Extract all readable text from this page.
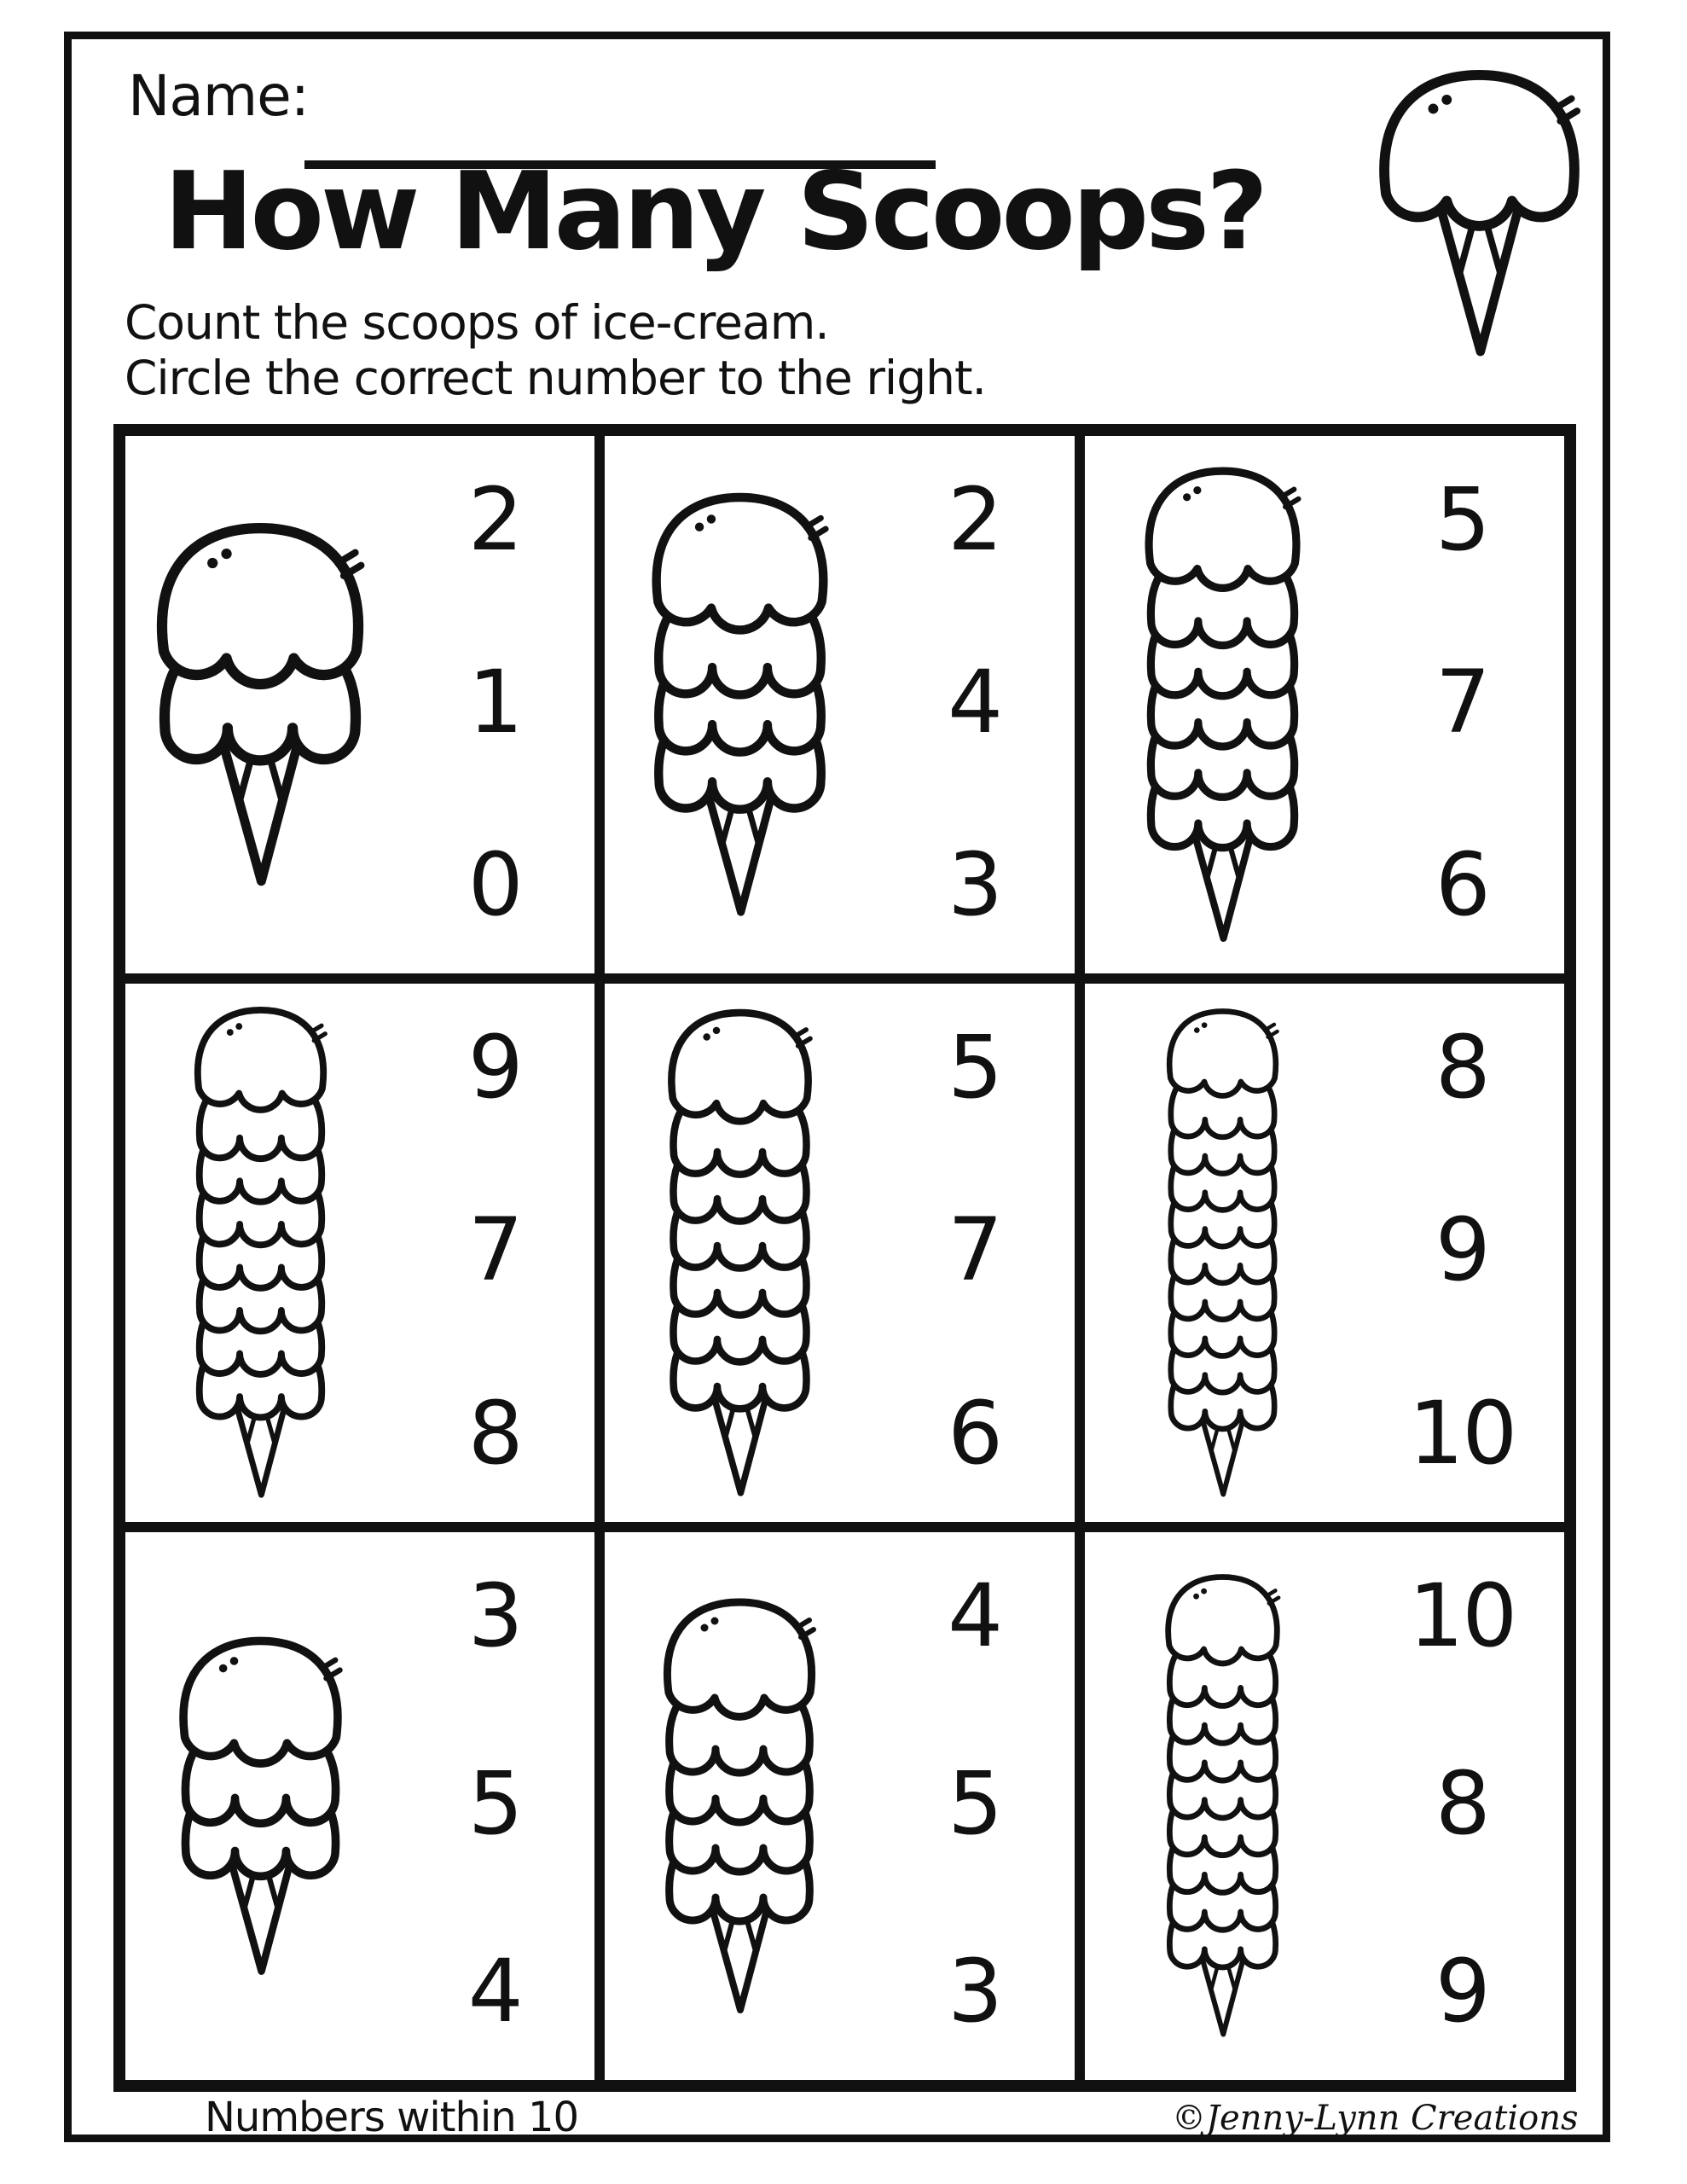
Name:
How Many Scoops?
Count the scoops of ice-cream.
Circle the correct number to the right.
2
1
0
2
4
3
5
7
6
9
7
8
5
7
6
8
9
10
3
5
4
4
5
3
10
8
9
Numbers within 10	©Jenny-Lynn Creations
